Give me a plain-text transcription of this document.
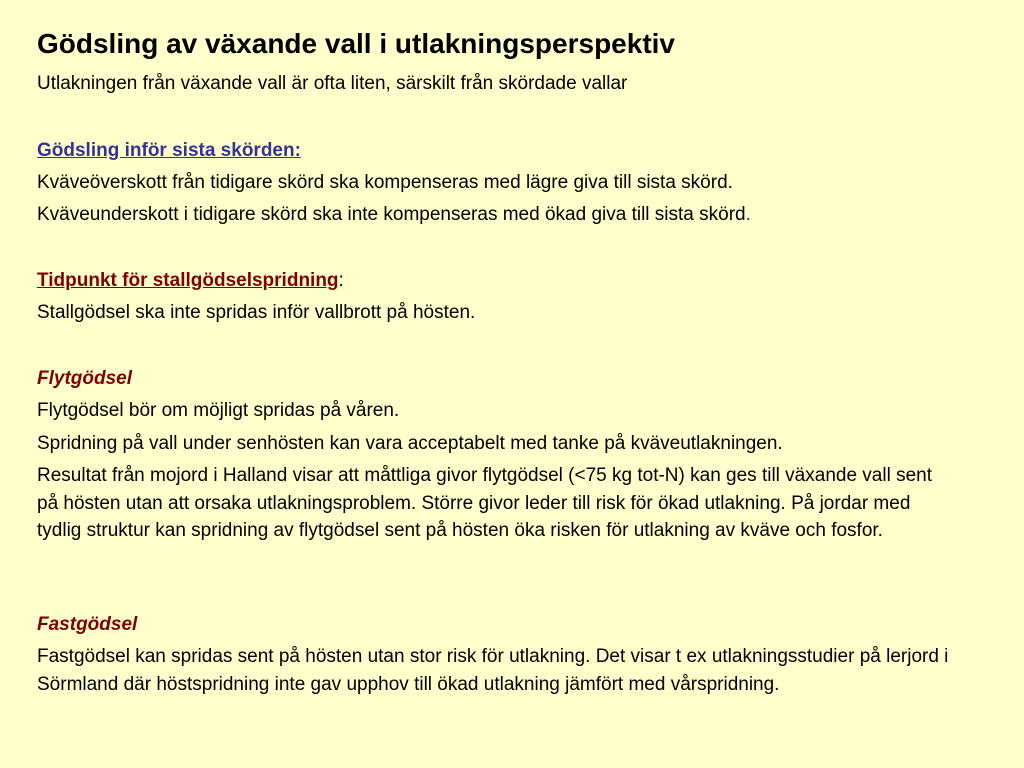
Gödsling av växande vall i utlakningsperspektiv

Utlakningen från växande vall är ofta liten, särskilt från skördade vallar

Gödsling inför sista skörden:

Kväveöverskott från tidigare skörd ska kompenseras med lägre giva till sista skörd.

Kväveunderskott i tidigare skörd ska inte kompenseras med ökad giva till sista skörd.

Tidpunkt för stallgödselspridning:

Stallgödsel ska inte spridas inför vallbrott på hösten.

Flytgödsel

Flytgödsel bör om möjligt spridas på våren.

Spridning på vall under senhösten kan vara acceptabelt med tanke på kväveutlakningen.

Resultat från mojord i Halland visar att måttliga givor flytgödsel (<75 kg tot-N) kan ges till växande vall sent på hösten utan att orsaka utlakningsproblem. Större givor leder till risk för ökad utlakning. På jordar med tydlig struktur kan spridning av flytgödsel sent på hösten öka risken för utlakning av kväve och fosfor.

Fastgödsel

Fastgödsel kan spridas sent på hösten utan stor risk för utlakning. Det visar t ex utlakningsstudier på lerjord i Sörmland där höstspridning inte gav upphov till ökad utlakning jämfört med vårspridning.
